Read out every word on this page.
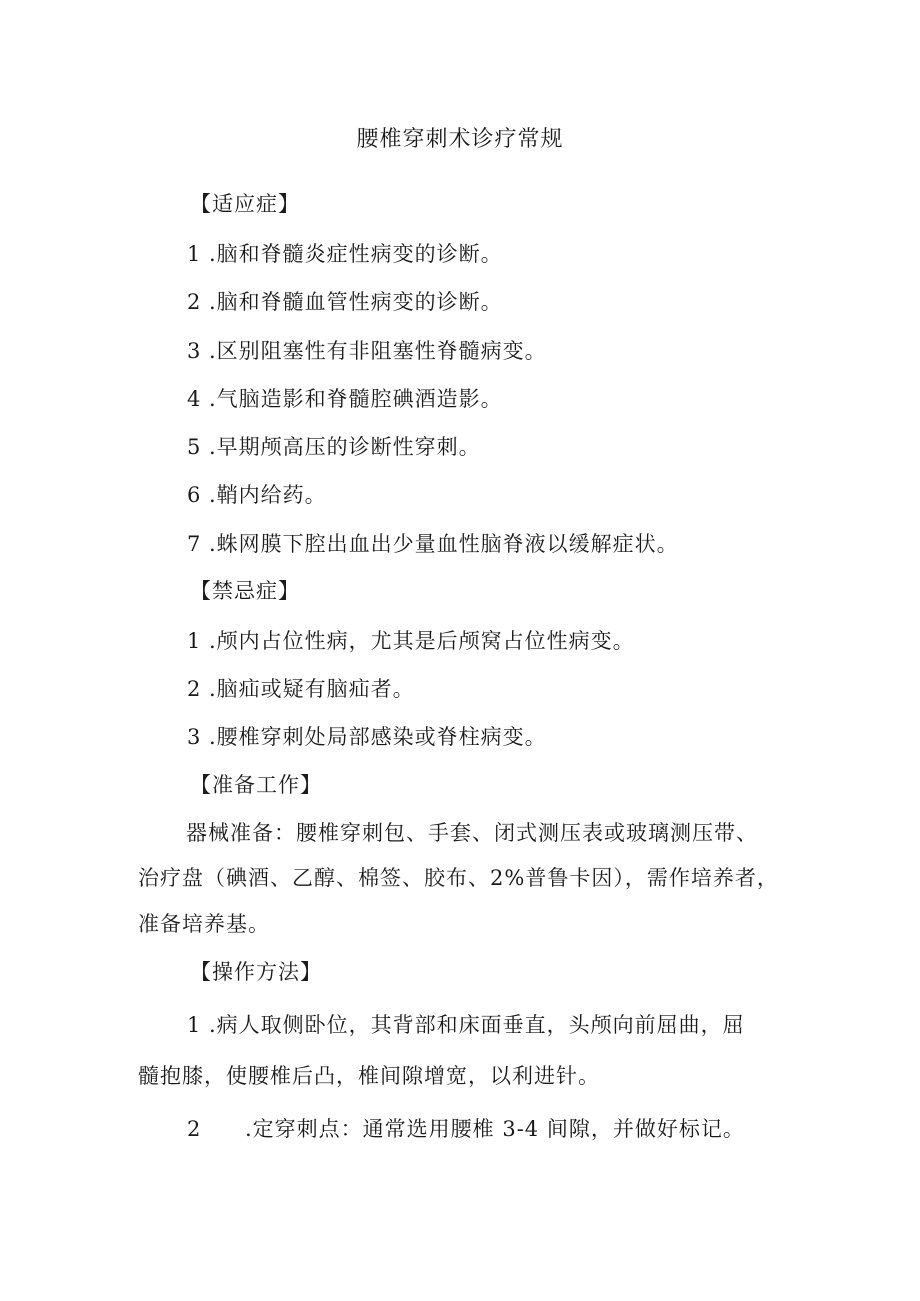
腰椎穿刺术诊疗常规
【适应症】
1 .脑和脊髓炎症性病变的诊断。
2 .脑和脊髓血管性病变的诊断。
3 .区别阻塞性有非阻塞性脊髓病变。
4 .气脑造影和脊髓腔碘酒造影。
5 .早期颅高压的诊断性穿刺。
6 .鞘内给药。
7 .蛛网膜下腔出血出少量血性脑脊液以缓解症状。
【禁忌症】
1 .颅内占位性病，尤其是后颅窝占位性病变。
2 .脑疝或疑有脑疝者。
3 .腰椎穿刺处局部感染或脊柱病变。
【准备工作】
器械准备：腰椎穿刺包、手套、闭式测压表或玻璃测压带、
治疗盘（碘酒、乙醇、棉签、胶布、2%普鲁卡因），需作培养者，
准备培养基。
【操作方法】
1 .病人取侧卧位，其背部和床面垂直，头颅向前屈曲，屈
髓抱膝，使腰椎后凸，椎间隙增宽，以利进针。
2 .定穿刺点：通常选用腰椎 3-4 间隙，并做好标记。
